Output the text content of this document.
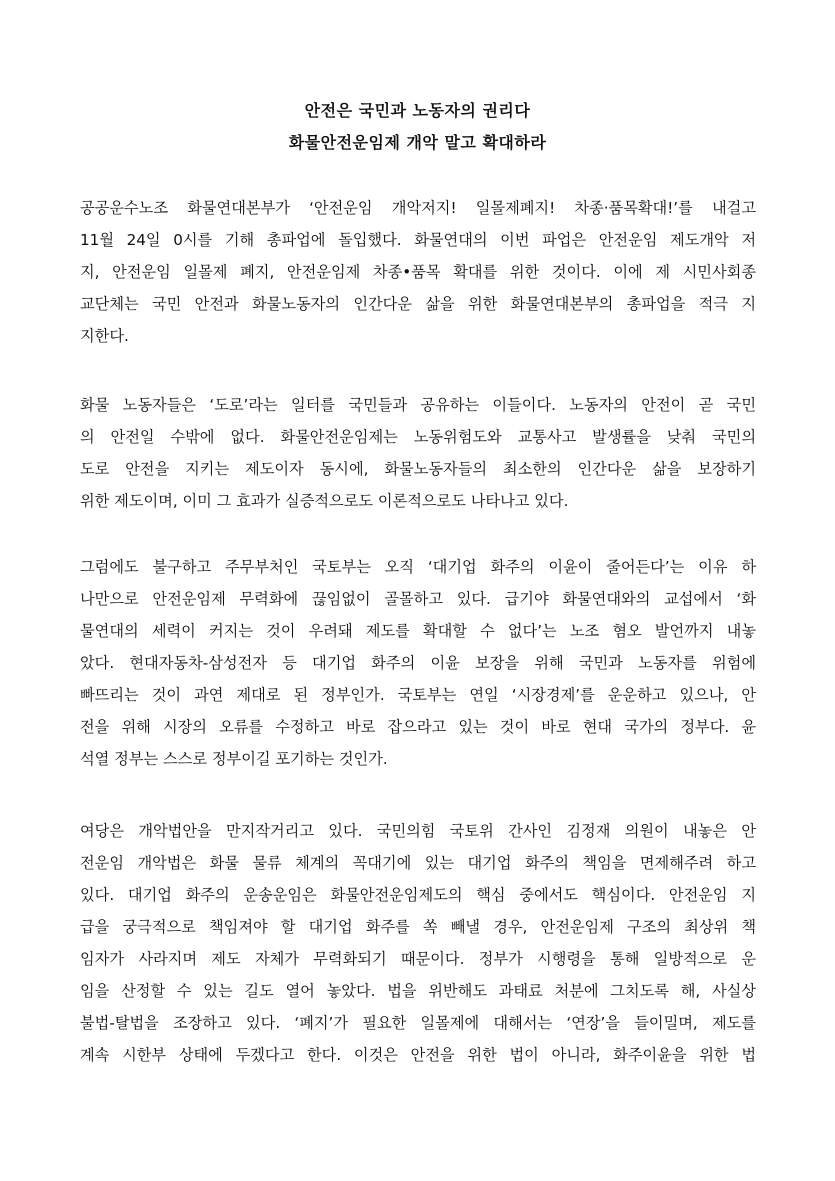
안전은 국민과 노동자의 권리다
화물안전운임제 개악 말고 확대하라
공공운수노조 화물연대본부가 ‘안전운임 개악저지! 일몰제폐지! 차종·품목확대!’를 내걸고
11월 24일 0시를 기해 총파업에 돌입했다. 화물연대의 이번 파업은 안전운임 제도개악 저
지, 안전운임 일몰제 폐지, 안전운임제 차종•품목 확대를 위한 것이다. 이에 제 시민사회종
교단체는 국민 안전과 화물노동자의 인간다운 삶을 위한 화물연대본부의 총파업을 적극 지
지한다.
화물 노동자들은 ‘도로’라는 일터를 국민들과 공유하는 이들이다. 노동자의 안전이 곧 국민
의 안전일 수밖에 없다. 화물안전운임제는 노동위험도와 교통사고 발생률을 낮춰 국민의
도로 안전을 지키는 제도이자 동시에, 화물노동자들의 최소한의 인간다운 삶을 보장하기
위한 제도이며, 이미 그 효과가 실증적으로도 이론적으로도 나타나고 있다.
그럼에도 불구하고 주무부처인 국토부는 오직 ‘대기업 화주의 이윤이 줄어든다’는 이유 하
나만으로 안전운임제 무력화에 끊임없이 골몰하고 있다. 급기야 화물연대와의 교섭에서 ‘화
물연대의 세력이 커지는 것이 우려돼 제도를 확대할 수 없다’는 노조 혐오 발언까지 내놓
았다. 현대자동차-삼성전자 등 대기업 화주의 이윤 보장을 위해 국민과 노동자를 위험에
빠뜨리는 것이 과연 제대로 된 정부인가. 국토부는 연일 ‘시장경제’를 운운하고 있으나, 안
전을 위해 시장의 오류를 수정하고 바로 잡으라고 있는 것이 바로 현대 국가의 정부다. 윤
석열 정부는 스스로 정부이길 포기하는 것인가.
여당은 개악법안을 만지작거리고 있다. 국민의힘 국토위 간사인 김정재 의원이 내놓은 안
전운임 개악법은 화물 물류 체계의 꼭대기에 있는 대기업 화주의 책임을 면제해주려 하고
있다. 대기업 화주의 운송운임은 화물안전운임제도의 핵심 중에서도 핵심이다. 안전운임 지
급을 궁극적으로 책임져야 할 대기업 화주를 쏙 빼낼 경우, 안전운임제 구조의 최상위 책
임자가 사라지며 제도 자체가 무력화되기 때문이다. 정부가 시행령을 통해 일방적으로 운
임을 산정할 수 있는 길도 열어 놓았다. 법을 위반해도 과태료 처분에 그치도록 해, 사실상
불법-탈법을 조장하고 있다. ‘폐지’가 필요한 일몰제에 대해서는 ‘연장’을 들이밀며, 제도를
계속 시한부 상태에 두겠다고 한다. 이것은 안전을 위한 법이 아니라, 화주이윤을 위한 법
